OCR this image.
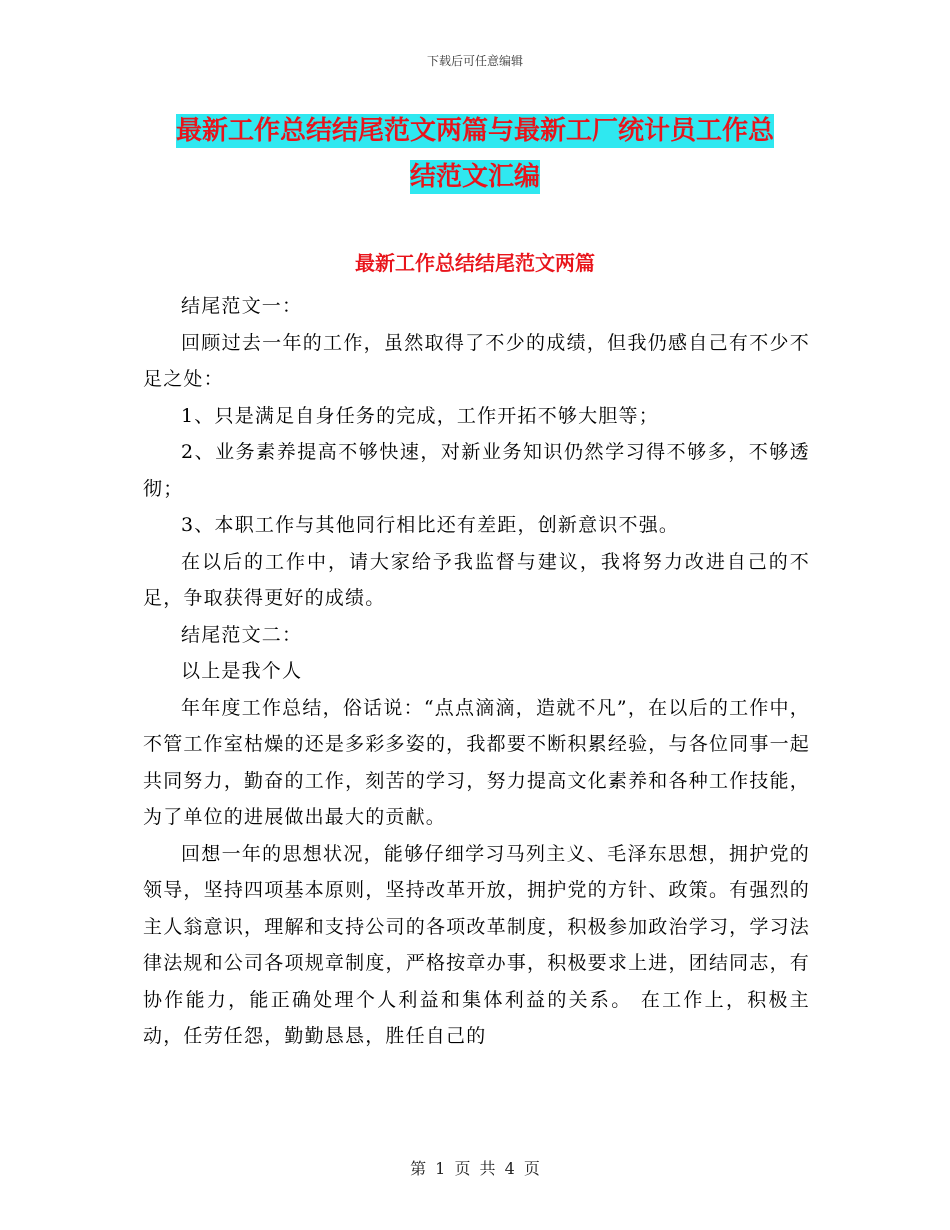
下载后可任意编辑
最新工作总结结尾范文两篇与最新工厂统计员工作总
结范文汇编
最新工作总结结尾范文两篇

结尾范文一：

回顾过去一年的工作，虽然取得了不少的成绩，但我仍感自己有不少不足之处：

1、只是满足自身任务的完成，工作开拓不够大胆等；

2、业务素养提高不够快速，对新业务知识仍然学习得不够多，不够透彻；

3、本职工作与其他同行相比还有差距，创新意识不强。

在以后的工作中，请大家给予我监督与建议，我将努力改进自己的不足，争取获得更好的成绩。

结尾范文二：

以上是我个人

年年度工作总结，俗话说：“点点滴滴，造就不凡”，在以后的工作中，不管工作室枯燥的还是多彩多姿的，我都要不断积累经验，与各位同事一起共同努力，勤奋的工作，刻苦的学习，努力提高文化素养和各种工作技能，为了单位的进展做出最大的贡献。

回想一年的思想状况，能够仔细学习马列主义、毛泽东思想，拥护党的领导，坚持四项基本原则，坚持改革开放，拥护党的方针、政策。有强烈的主人翁意识，理解和支持公司的各项改革制度，积极参加政治学习，学习法律法规和公司各项规章制度，严格按章办事，积极要求上进，团结同志，有协作能力，能正确处理个人利益和集体利益的关系。 在工作上，积极主动，任劳任怨，勤勤恳恳，胜任自己的

第 1 页 共 4 页
